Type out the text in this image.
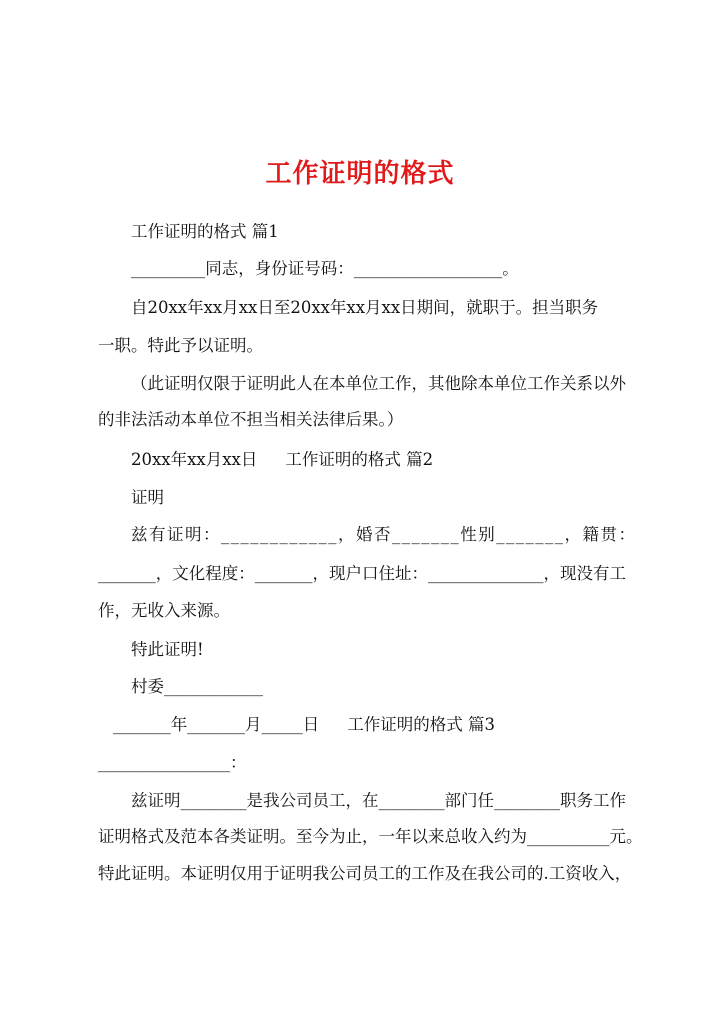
工作证明的格式
工作证明的格式 篇1
_________同志，身份证号码：__________________。
自20xx年xx月xx日至20xx年xx月xx日期间，就职于。担当职务
一职。特此予以证明。
（此证明仅限于证明此人在本单位工作，其他除本单位工作关系以外
的非法活动本单位不担当相关法律后果。）
20xx年xx月xx日 工作证明的格式 篇2
证明
兹有证明：____________，婚否_______性别_______，籍贯：
_______，文化程度：_______，现户口住址：______________，现没有工
作，无收入来源。
特此证明!
村委____________
_______年_______月_____日 工作证明的格式 篇3
________________：
兹证明________是我公司员工，在________部门任________职务工作
证明格式及范本各类证明。至今为止，一年以来总收入约为__________元。
特此证明。本证明仅用于证明我公司员工的工作及在我公司的.工资收入，
